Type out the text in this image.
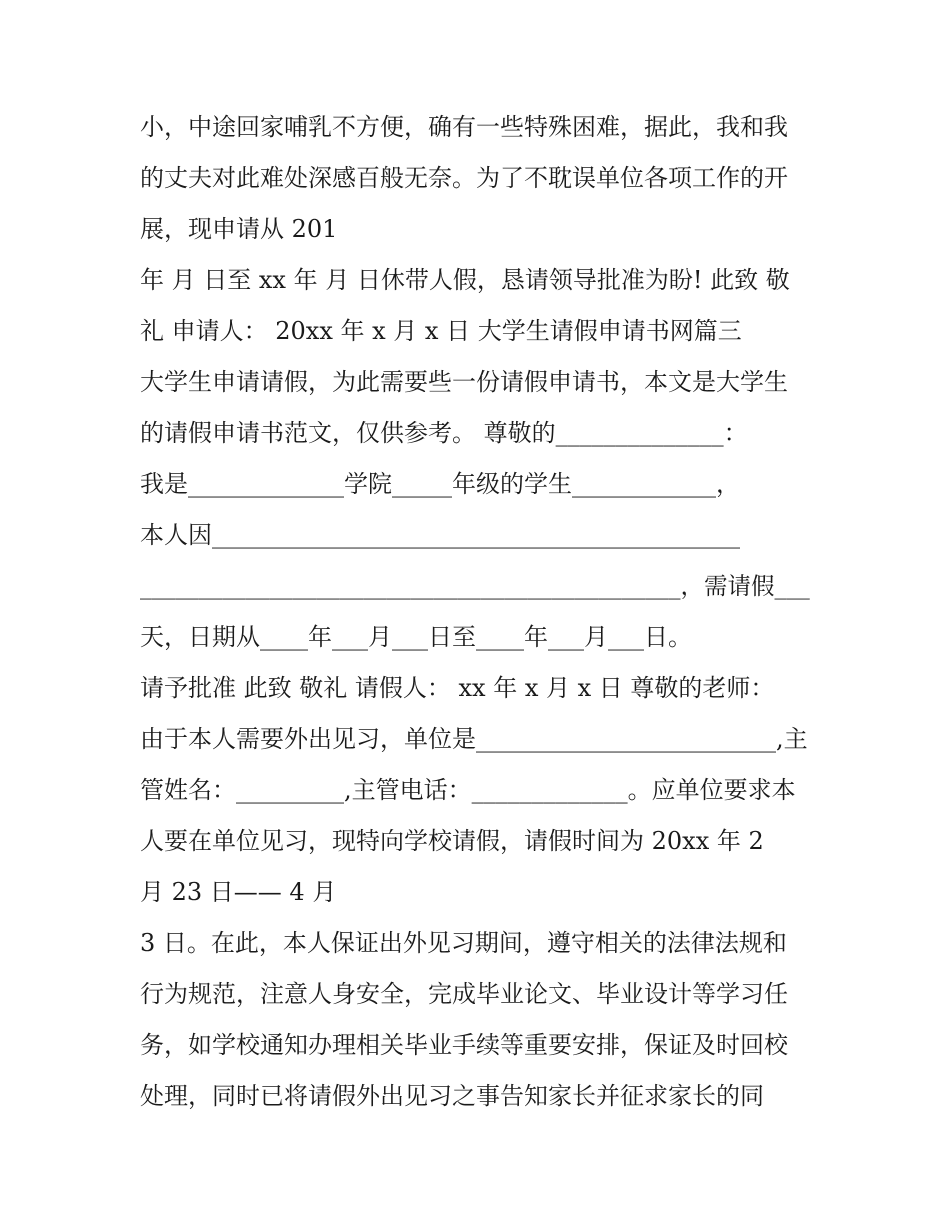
小，中途回家哺乳不方便，确有一些特殊困难，据此，我和我
的丈夫对此难处深感百般无奈。为了不耽误单位各项工作的开
展，现申请从 201
年 月 日至 xx 年 月 日休带人假，恳请领导批准为盼! 此致 敬
礼 申请人： 20xx 年 x 月 x 日 大学生请假申请书网篇三
大学生申请请假，为此需要些一份请假申请书，本文是大学生
的请假申请书范文，仅供参考。 尊敬的______________：
我是_____________学院_____年级的学生____________，
本人因____________________________________________
______________________________________________，需请假___
天，日期从____年___月___日至____年___月___日。
请予批准 此致 敬礼 请假人： xx 年 x 月 x 日 尊敬的老师：
由于本人需要外出见习，单位是_________________________,主
管姓名：_________,主管电话：_____________。应单位要求本
人要在单位见习，现特向学校请假，请假时间为 20xx 年 2
月 23 日—— 4 月
3 日。在此，本人保证出外见习期间，遵守相关的法律法规和
行为规范，注意人身安全，完成毕业论文、毕业设计等学习任
务，如学校通知办理相关毕业手续等重要安排，保证及时回校
处理，同时已将请假外出见习之事告知家长并征求家长的同
